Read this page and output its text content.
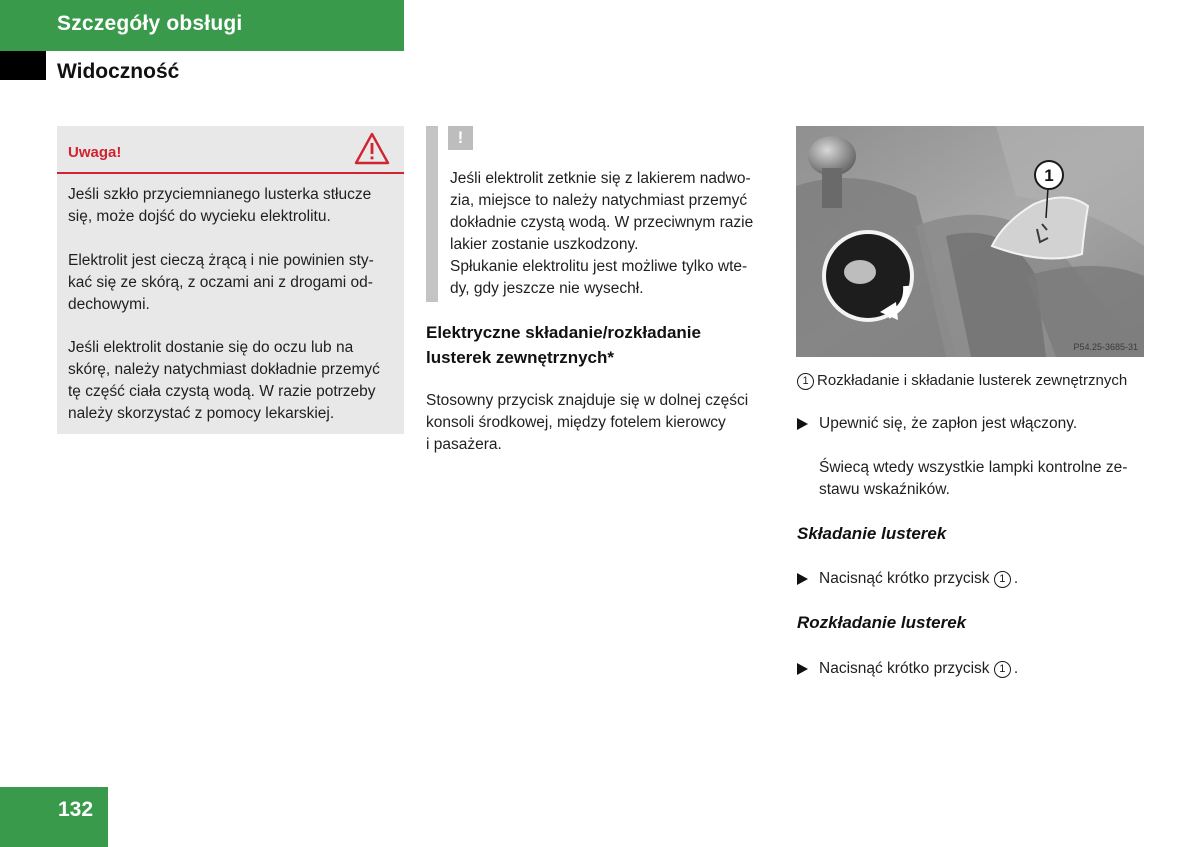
Szczegóły obsługi
Widoczność
Uwaga!
Jeśli szkło przyciemnianego lusterka stłucze
się, może dojść do wycieku elektrolitu.
Elektrolit jest cieczą żrącą i nie powinien sty-
kać się ze skórą, z oczami ani z drogami od-
dechowymi.
Jeśli elektrolit dostanie się do oczu lub na
skórę, należy natychmiast dokładnie przemyć
tę część ciała czystą wodą. W razie potrzeby
należy skorzystać z pomocy lekarskiej.
!
Jeśli elektrolit zetknie się z lakierem nadwo-
zia, miejsce to należy natychmiast przemyć
dokładnie czystą wodą. W przeciwnym razie
lakier zostanie uszkodzony.
Spłukanie elektrolitu jest możliwe tylko wte-
dy, gdy jeszcze nie wysechł.
Elektryczne składanie/rozkładanie
lusterek zewnętrznych*
Stosowny przycisk znajduje się w dolnej części
konsoli środkowej, między fotelem kierowcy
i pasażera.
1
P54.25-3685-31
1 Rozkładanie i składanie lusterek zewnętrznych
Upewnić się, że zapłon jest włączony.
Świecą wtedy wszystkie lampki kontrolne ze-
stawu wskaźników.
Składanie lusterek
Nacisnąć krótko przycisk 1 .
Rozkładanie lusterek
Nacisnąć krótko przycisk 1 .
132
